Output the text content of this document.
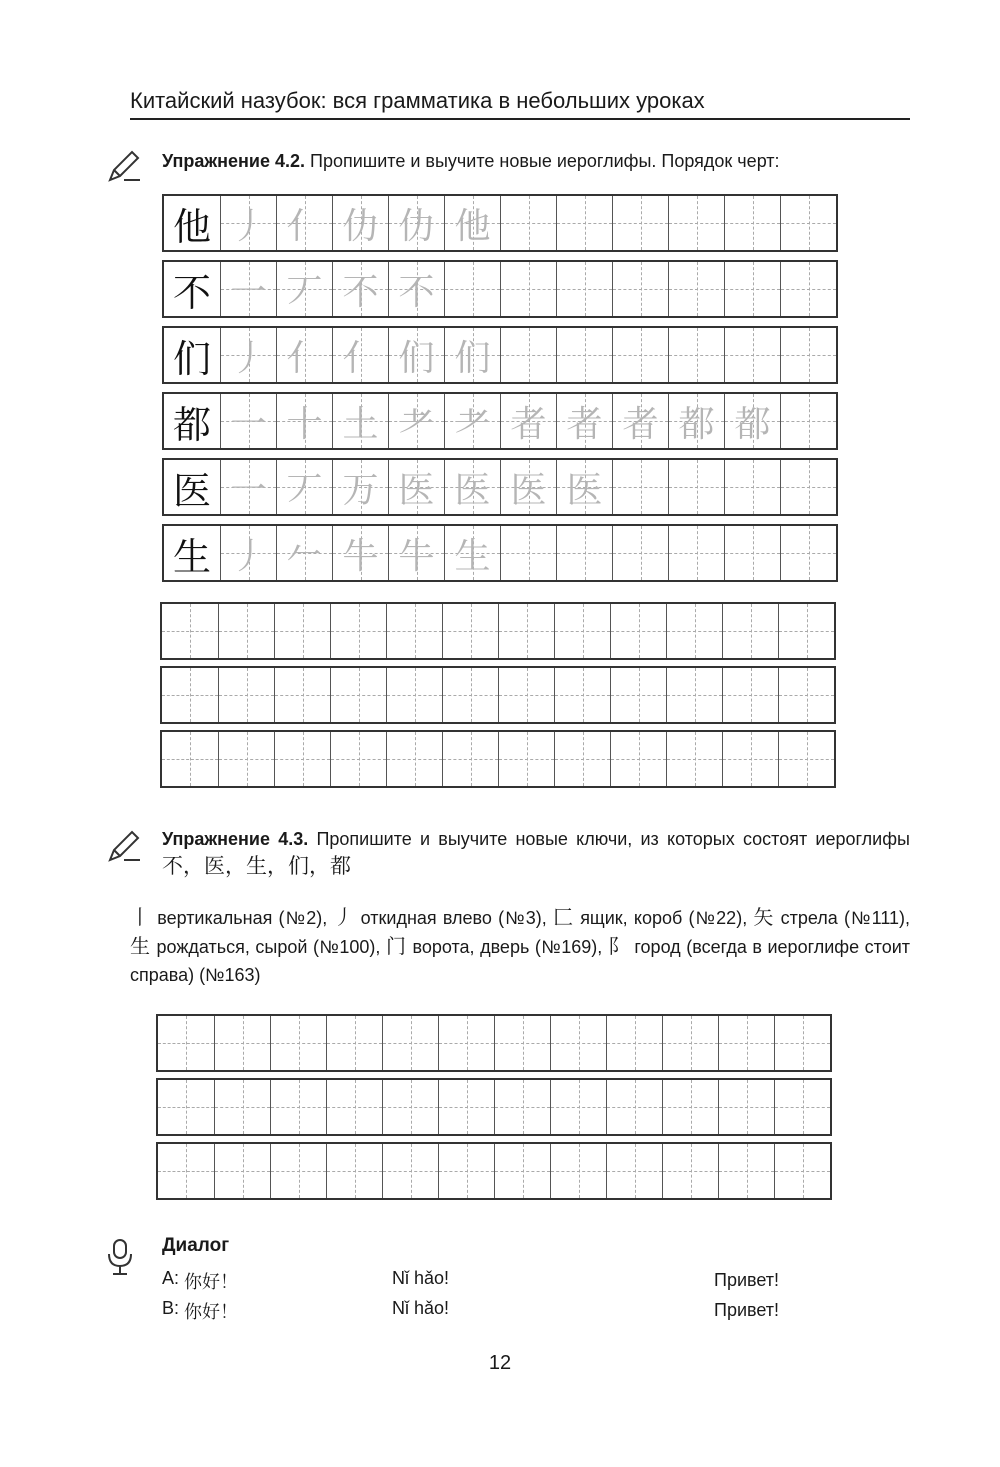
Китайский назубок: вся грамматика в небольших уроках
Упражнение 4.2. Пропишите и выучите новые иероглифы. Порядок черт:
他 丿 亻 仂 仂 他
不 一 丆 不 不
们 丿 亻 亻 们 们
都 一 十 土 耂 耂 者 者 者 都 都
医 一 丆 万 医 医 医 医
生 丿 𠂉 牛 牛 生
Упражнение 4.3. Пропишите и выучите новые ключи, из которых состоят иероглифы 不，医，生，们，都
丨 вертикальная (№2), 丿 откидная влево (№3), 匚 ящик, короб (№22), 矢 стрела (№111), 生 рождаться, сырой (№100), 门 ворота, дверь (№169), 阝 город (всегда в иероглифе стоит справа) (№163)
Диалог
A: 你好！	Nǐ hǎo!	Привет!
B: 你好！	Nǐ hǎo!	Привет!
12
